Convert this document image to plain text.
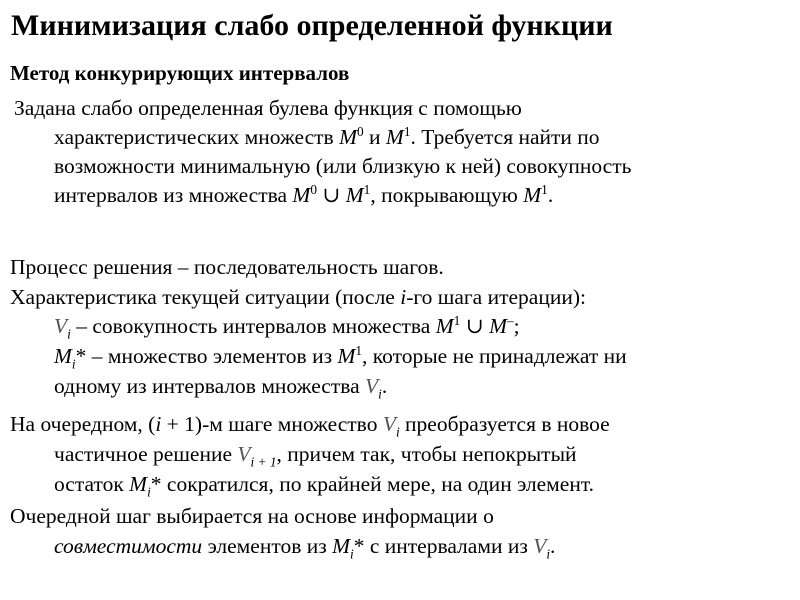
Минимизация слабо определенной функции
Метод конкурирующих интервалов
Задана слабо определенная булева функция с помощью
характеристических множеств $M^0$ и $M^1$. Требуется найти по
возможности минимальную (или близкую к ней) совокупность
интервалов из множества $M^0$ ∪ $M^1$, покрывающую $M^1$.
Процесс решения – последовательность шагов.
Характеристика текущей ситуации (после i-го шага итерации):
$V_i$ – совокупность интервалов множества $M^1$ ∪ M–;
$M_i*$ – множество элементов из $M^1$, которые не принадлежат ни
одному из интервалов множества $V_i$.
На очередном, (i + 1)-м шаге множество $V_i$ преобразуется в новое
частичное решение $V_{i + 1}$, причем так, чтобы непокрытый
остаток $M_i*$ сократился, по крайней мере, на один элемент.
Очередной шаг выбирается на основе информации о
совместимости элементов из $M_i*$ с интервалами из $V_i$.
